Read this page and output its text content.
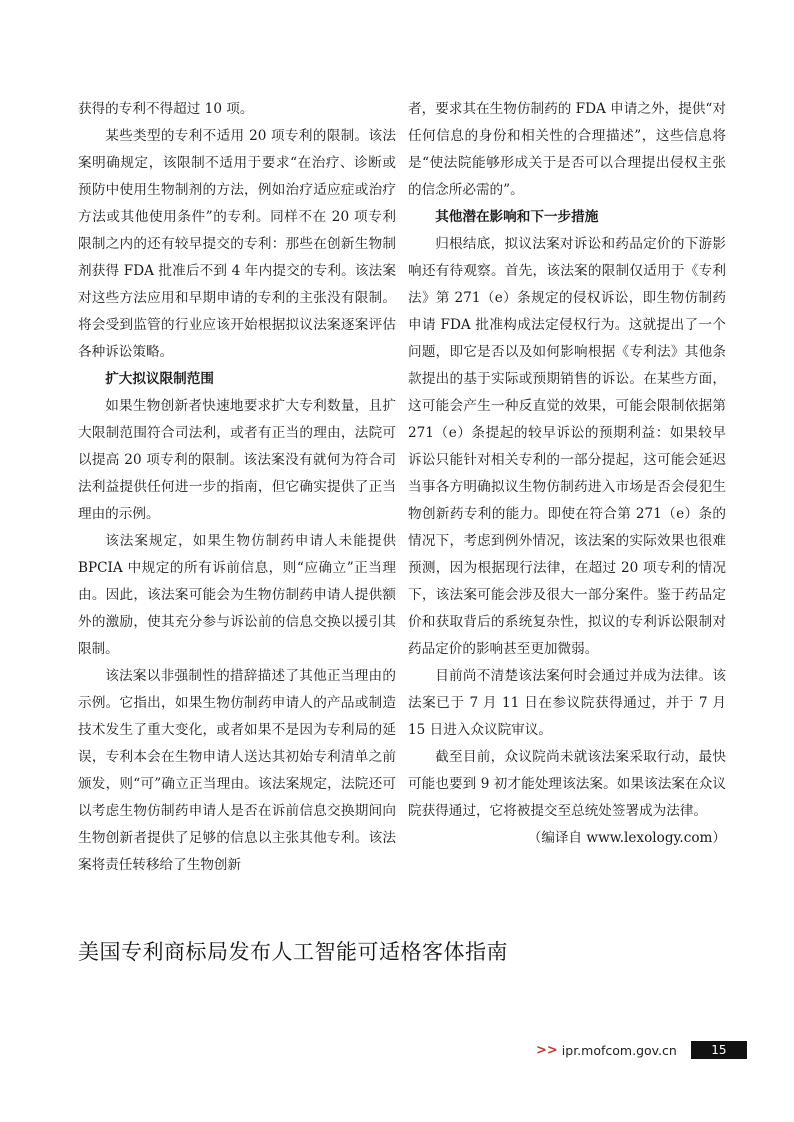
获得的专利不得超过 10 项。

某些类型的专利不适用 20 项专利的限制。该法案明确规定，该限制不适用于要求“在治疗、诊断或预防中使用生物制剂的方法，例如治疗适应症或治疗方法或其他使用条件”的专利。同样不在 20 项专利限制之内的还有较早提交的专利：那些在创新生物制剂获得 FDA 批准后不到 4 年内提交的专利。该法案对这些方法应用和早期申请的专利的主张没有限制。将会受到监管的行业应该开始根据拟议法案逐案评估各种诉讼策略。

扩大拟议限制范围

如果生物创新者快速地要求扩大专利数量，且扩大限制范围符合司法利，或者有正当的理由，法院可以提高 20 项专利的限制。该法案没有就何为符合司法利益提供任何进一步的指南，但它确实提供了正当理由的示例。

该法案规定，如果生物仿制药申请人未能提供 BPCIA 中规定的所有诉前信息，则“应确立”正当理由。因此，该法案可能会为生物仿制药申请人提供额外的激励，使其充分参与诉讼前的信息交换以援引其限制。

该法案以非强制性的措辞描述了其他正当理由的示例。它指出，如果生物仿制药申请人的产品或制造技术发生了重大变化，或者如果不是因为专利局的延误，专利本会在生物申请人送达其初始专利清单之前颁发，则“可”确立正当理由。该法案规定，法院还可以考虑生物仿制药申请人是否在诉前信息交换期间向生物创新者提供了足够的信息以主张其他专利。该法案将责任转移给了生物创新

者，要求其在生物仿制药的 FDA 申请之外，提供“对任何信息的身份和相关性的合理描述”，这些信息将是“使法院能够形成关于是否可以合理提出侵权主张的信念所必需的”。

其他潜在影响和下一步措施

归根结底，拟议法案对诉讼和药品定价的下游影响还有待观察。首先，该法案的限制仅适用于《专利法》第 271（e）条规定的侵权诉讼，即生物仿制药申请 FDA 批准构成法定侵权行为。这就提出了一个问题，即它是否以及如何影响根据《专利法》其他条款提出的基于实际或预期销售的诉讼。在某些方面，这可能会产生一种反直觉的效果，可能会限制依据第 271（e）条提起的较早诉讼的预期利益：如果较早诉讼只能针对相关专利的一部分提起，这可能会延迟当事各方明确拟议生物仿制药进入市场是否会侵犯生物创新药专利的能力。即使在符合第 271（e）条的情况下，考虑到例外情况，该法案的实际效果也很难预测，因为根据现行法律，在超过 20 项专利的情况下，该法案可能会涉及很大一部分案件。鉴于药品定价和获取背后的系统复杂性，拟议的专利诉讼限制对药品定价的影响甚至更加微弱。

目前尚不清楚该法案何时会通过并成为法律。该法案已于 7 月 11 日在参议院获得通过，并于 7 月 15 日进入众议院审议。

截至目前，众议院尚未就该法案采取行动，最快可能也要到 9 初才能处理该法案。如果该法案在众议院获得通过，它将被提交至总统处签署成为法律。

（编译自 www.lexology.com）
美国专利商标局发布人工智能可适格客体指南
>> ipr.mofcom.gov.cn	15
